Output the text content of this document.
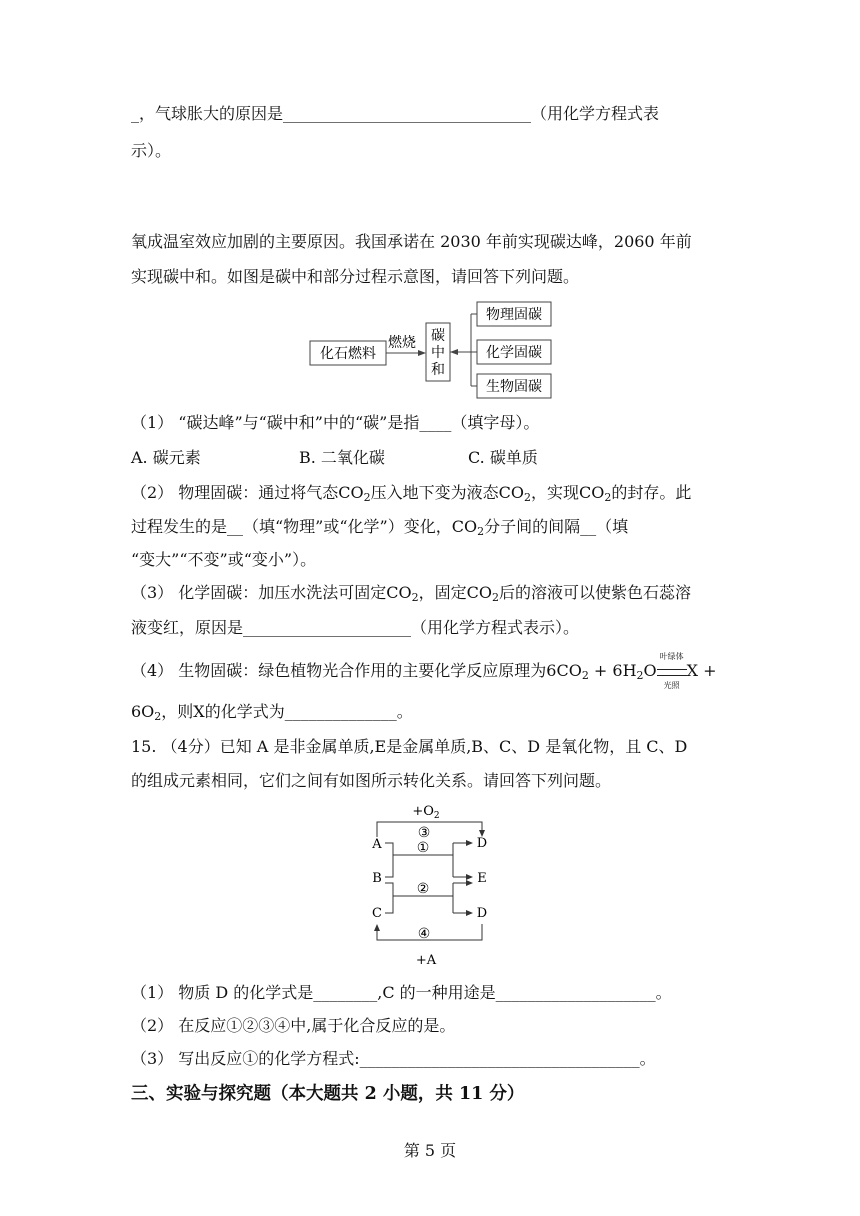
_，气球胀大的原因是_______________________________（用化学方程式表
示）。
氧成温室效应加剧的主要原因。我国承诺在 2030 年前实现碳达峰，2060 年前
实现碳中和。如图是碳中和部分过程示意图，请回答下列问题。
化石燃料
燃烧 碳
中
和
物理固碳
化学固碳
生物固碳
（1） “碳达峰”与“碳中和”中的“碳”是指____（填字母）。
A. 碳元素	B. 二氧化碳	C. 碳单质
（2） 物理固碳：通过将气态$CO_2$压入地下变为液态$CO_2$，实现$CO_2$的封存。此
过程发生的是__（填“物理”或“化学”）变化，$CO_2$分子间的间隔__（填
“变大”“不变”或“变小”）。
（3） 化学固碳：加压水洗法可固定$CO_2$，固定$CO_2$后的溶液可以使紫色石蕊溶
液变红，原因是_____________________（用化学方程式表示）。
（4） 生物固碳：绿色植物光合作用的主要化学反应原理为$6CO_2 + 6H_2O$
叶绿体
光照
X +
$6O_2$，则X的化学式为______________。
15. （4分）已知 A 是非金属单质,E是金属单质,B、C、D 是氧化物，且 C、D
的组成元素相同，它们之间有如图所示转化关系。请回答下列问题。
$+O_2$
③
A
B
C
D
E
D
①
②
④
+A
（1） 物质 D 的化学式是________,C 的一种用途是____________________。
（2） 在反应①②③④中,属于化合反应的是。
（3） 写出反应①的化学方程式:___________________________________。
三、实验与探究题（本大题共 2 小题，共 11 分）
第 5 页
